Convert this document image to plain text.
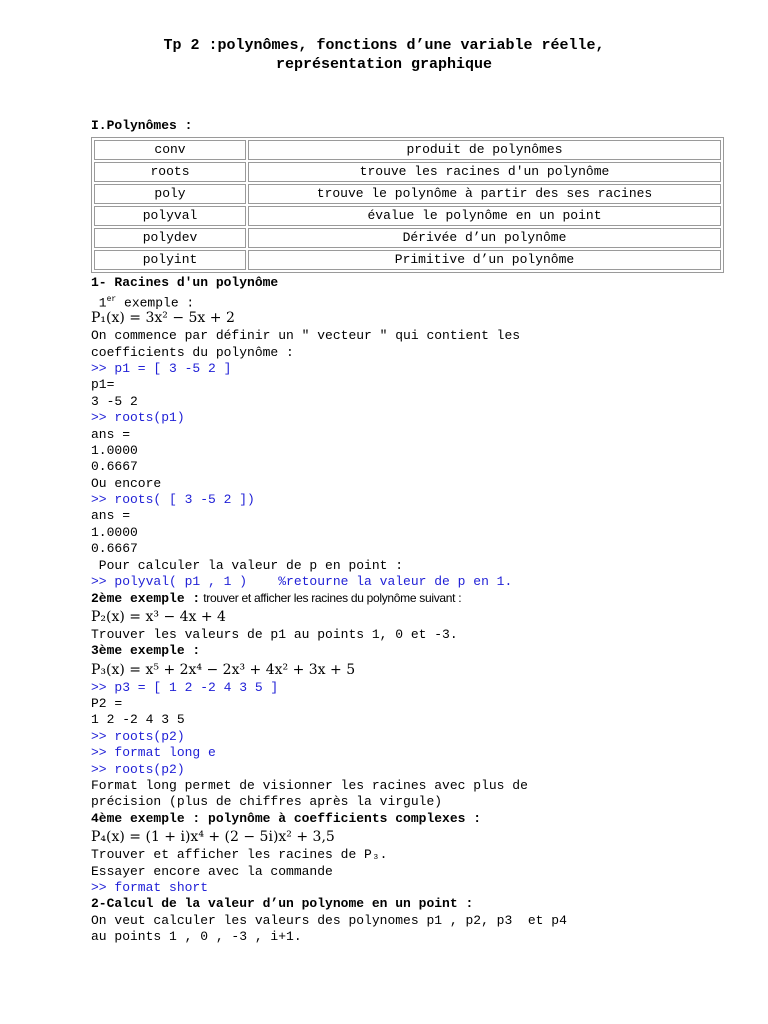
Tp 2 :polynômes, fonctions d’une variable réelle,
représentation graphique
I.Polynômes :
conv	produit de polynômes
roots	trouve les racines d'un polynôme
poly	trouve le polynôme à partir des ses racines
polyval	évalue le polynôme en un point
polydev	Dérivée d’un polynôme
polyint	Primitive d’un polynôme
1- Racines d'un polynôme
1er exemple :
P₁(x) = 3x² − 5x + 2
On commence par définir un " vecteur " qui contient les
coefficients du polynôme :
>> p1 = [ 3 -5 2 ]
p1=
3 -5 2
>> roots(p1)
ans =
1.0000
0.6667
Ou encore
>> roots( [ 3 -5 2 ])
ans =
1.0000
0.6667
Pour calculer la valeur de p en point :
>> polyval( p1 , 1 )    %retourne la valeur de p en 1.
2ème exemple : trouver et afficher les racines du polynôme suivant :
P₂(x) = x³ − 4x + 4
Trouver les valeurs de p1 au points 1, 0 et -3.
3ème exemple :
P₃(x) = x⁵ + 2x⁴ − 2x³ + 4x² + 3x + 5
>> p3 = [ 1 2 -2 4 3 5 ]
P2 =
1 2 -2 4 3 5
>> roots(p2)
>> format long e
>> roots(p2)
Format long permet de visionner les racines avec plus de
précision (plus de chiffres après la virgule)
4ème exemple : polynôme à coefficients complexes :
P₄(x) = (1 + i)x⁴ + (2 − 5i)x² + 3,5
Trouver et afficher les racines de P₃.
Essayer encore avec la commande
>> format short
2-Calcul de la valeur d’un polynome en un point :
On veut calculer les valeurs des polynomes p1 , p2, p3  et p4
au points 1 , 0 , -3 , i+1.
